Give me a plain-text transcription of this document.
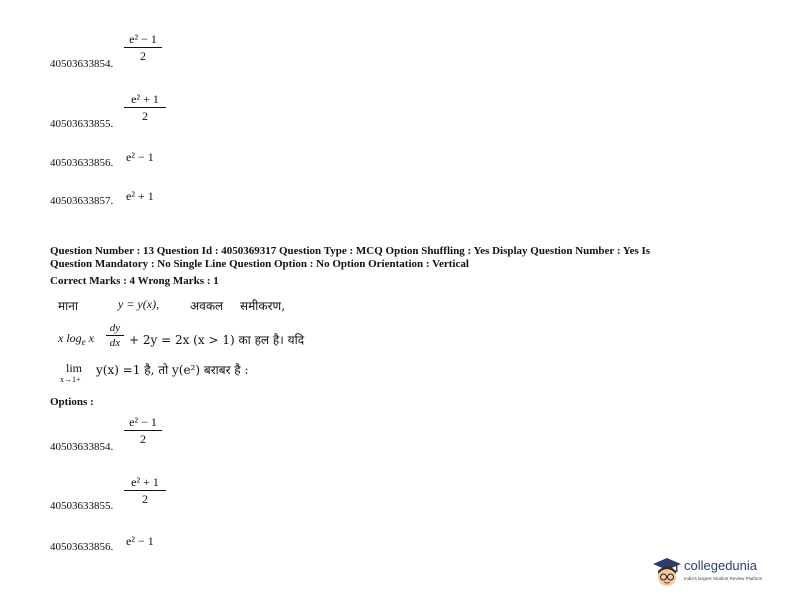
40503633854.
e² − 1
2
40503633855.
e² + 1
2
40503633856. e² − 1
40503633857. e² + 1
Question Number : 13 Question Id : 4050369317 Question Type : MCQ Option Shuffling : Yes Display Question Number : Yes Is
Question Mandatory : No Single Line Question Option : No Option Orientation : Vertical
Correct Marks : 4 Wrong Marks : 1
माना	y = y(x),	अवकल समीकरण,
x $\log_e x$
dy
dx + 2y = 2x (x > 1) का हल है। यदि
lim
x→1+
y(x) =1 है, तो y(e²) बराबर है :
Options :
40503633854.
e² − 1
2
40503633855.
e² + 1
2
40503633856. e² − 1
collegedunia
India's largest Student Review Platform
